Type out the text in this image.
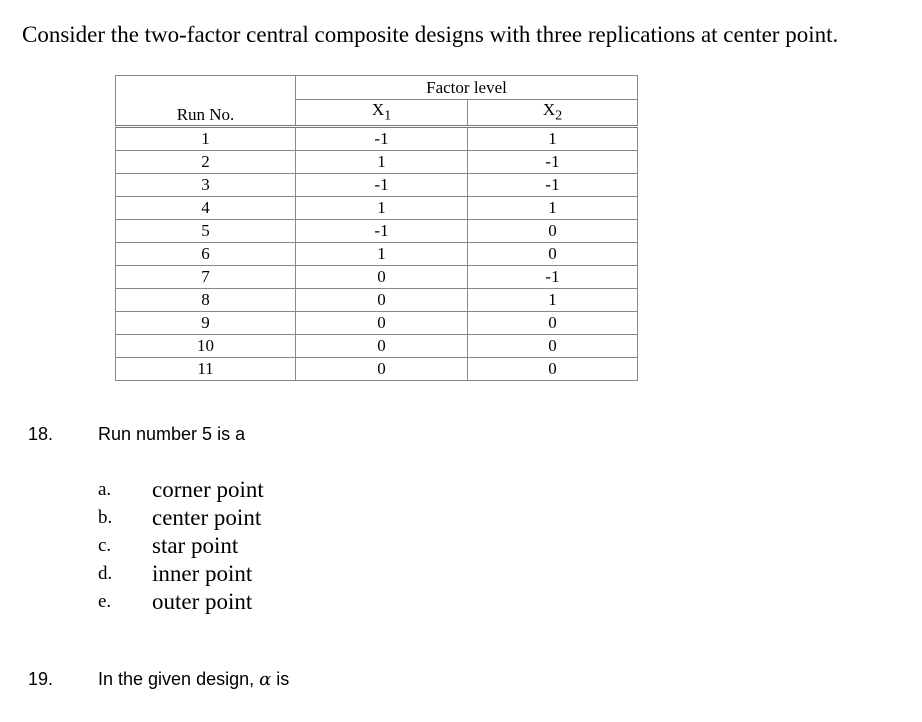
Consider the two-factor central composite designs with three replications at center point.
	Factor level	
Run No.	$X_1$	$X_2$
1	-1	1
2	1	-1
3	-1	-1
4	1	1
5	-1	0
6	1	0
7	0	-1
8	0	1
9	0	0
10	0	0
11	0	0
18. Run number 5 is a
a.	corner point
b.	center point
c.	star point
d.	inner point
e.	outer point
19. In the given design, α is
